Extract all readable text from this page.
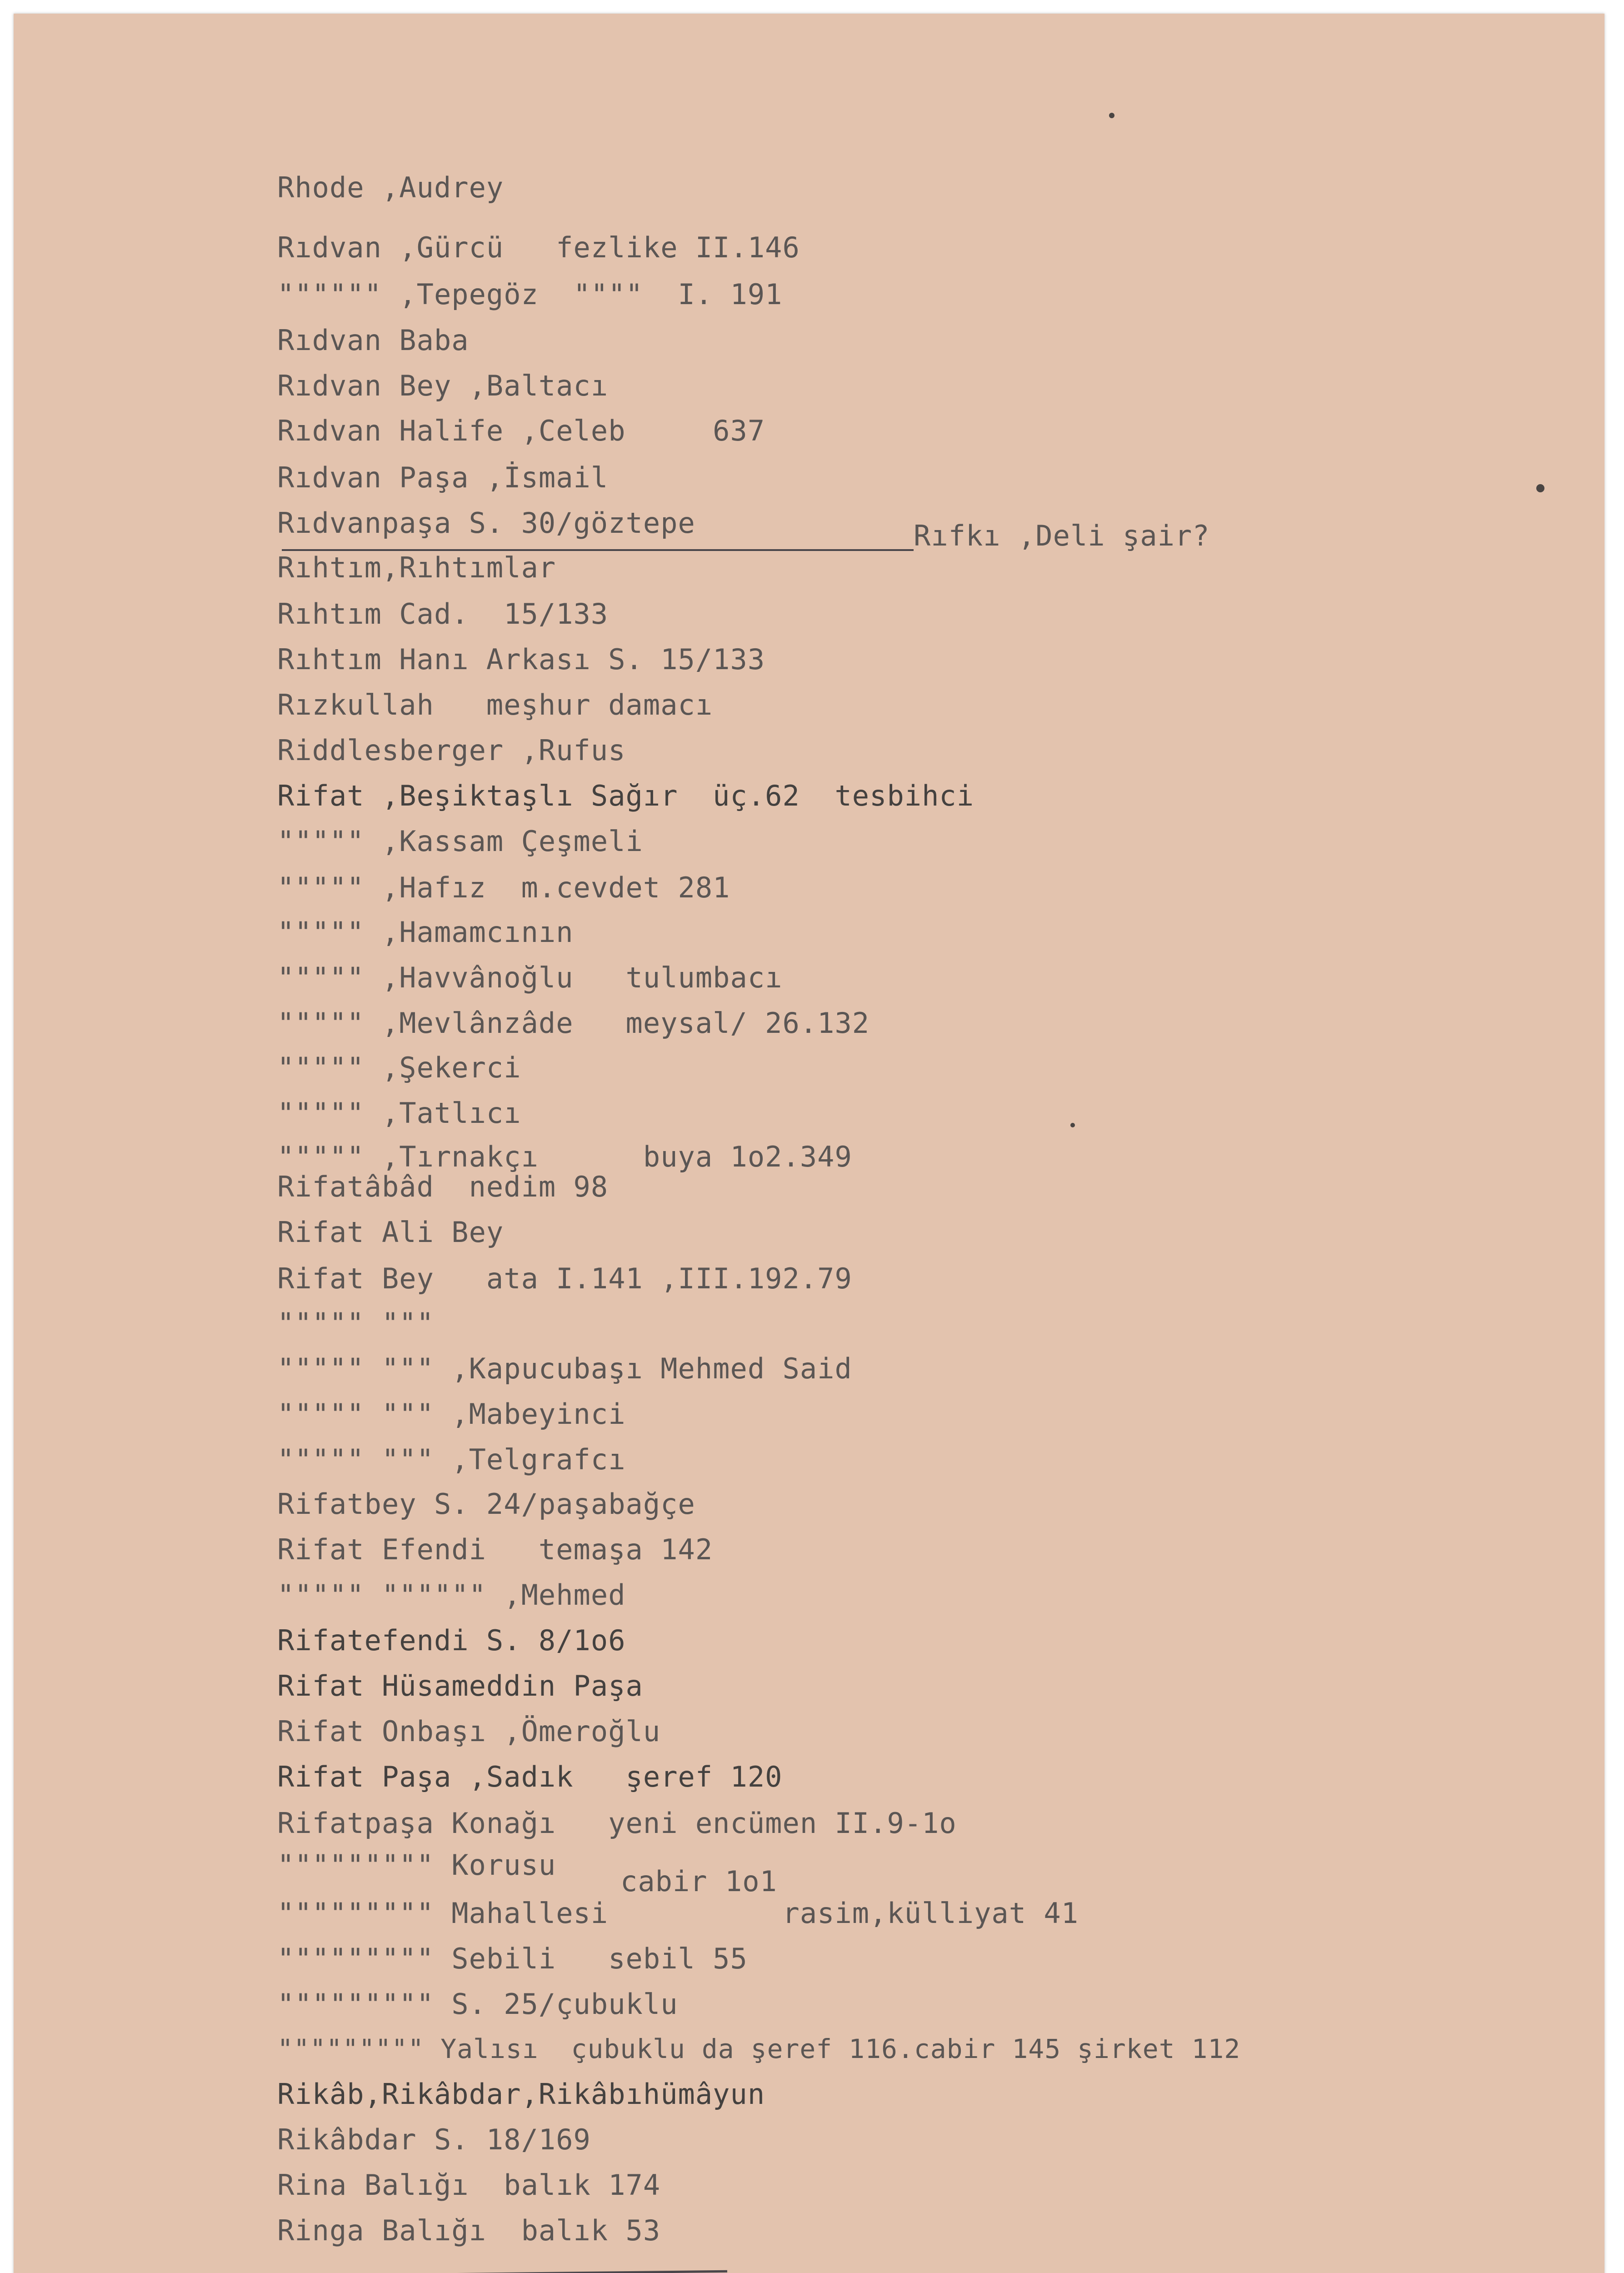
Rhode ,Audrey
Rıdvan ,Gürcü   fezlike II.146
"""""" ,Tepegöz  """"  I. 191
Rıdvan Baba
Rıdvan Bey ,Baltacı
Rıdvan Halife ,Celeb     637
Rıdvan Paşa ,İsmail
Rıdvanpaşa S. 30/göztepe
Rıhtım,Rıhtımlar
Rıhtım Cad.  15/133
Rıhtım Hanı Arkası S. 15/133
Rızkullah   meşhur damacı
Riddlesberger ,Rufus
Rifat ,Beşiktaşlı Sağır  üç.62  tesbihci
""""" ,Kassam Çeşmeli
""""" ,Hafız  m.cevdet 281
""""" ,Hamamcının
""""" ,Havvânoğlu   tulumbacı
""""" ,Mevlânzâde   meysal/ 26.132
""""" ,Şekerci
""""" ,Tatlıcı
""""" ,Tırnakçı      buya 1o2.349
Rifatâbâd  nedim 98
Rifat Ali Bey
Rifat Bey   ata I.141 ,III.192.79
""""" """
""""" """ ,Kapucubaşı Mehmed Said
""""" """ ,Mabeyinci
""""" """ ,Telgrafcı
Rifatbey S. 24/paşabağçe
Rifat Efendi   temaşa 142
""""" """""" ,Mehmed
Rifatefendi S. 8/1o6
Rifat Hüsameddin Paşa
Rifat Onbaşı ,Ömeroğlu
Rifat Paşa ,Sadık   şeref 120
Rifatpaşa Konağı   yeni encümen II.9-1o
""""""""" Korusu cabir 1o1
""""""""" Mahallesi          rasim,külliyat 41
""""""""" Sebili   sebil 55
""""""""" S. 25/çubuklu
""""""""" Yalısı  çubuklu da şeref 116.cabir 145 şirket 112
Rikâb,Rikâbdar,Rikâbıhümâyun
Rikâbdar S. 18/169
Rina Balığı  balık 174
Ringa Balığı  balık 53
Rıfkı ,Deli şair?
